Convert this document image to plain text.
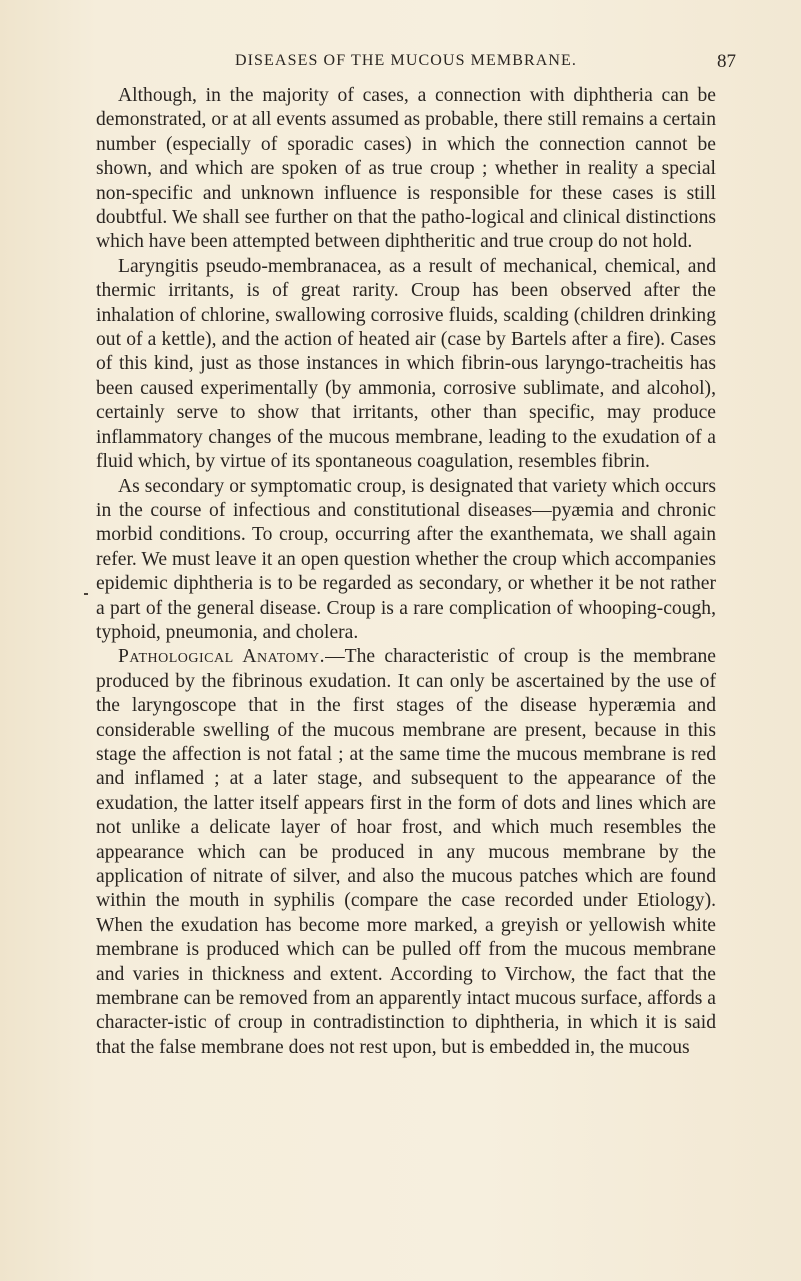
DISEASES OF THE MUCOUS MEMBRANE.	87

Although, in the majority of cases, a connection with diphtheria can be demonstrated, or at all events assumed as probable, there still remains a certain number (especially of sporadic cases) in which the connection cannot be shown, and which are spoken of as true croup ; whether in reality a special non-specific and unknown influence is responsible for these cases is still doubtful. We shall see further on that the patho-logical and clinical distinctions which have been attempted between diphtheritic and true croup do not hold.

Laryngitis pseudo-membranacea, as a result of mechanical, chemical, and thermic irritants, is of great rarity. Croup has been observed after the inhalation of chlorine, swallowing corrosive fluids, scalding (children drinking out of a kettle), and the action of heated air (case by Bartels after a fire). Cases of this kind, just as those instances in which fibrin-ous laryngo-tracheitis has been caused experimentally (by ammonia, corrosive sublimate, and alcohol), certainly serve to show that irritants, other than specific, may produce inflammatory changes of the mucous membrane, leading to the exudation of a fluid which, by virtue of its spontaneous coagulation, resembles fibrin.

As secondary or symptomatic croup, is designated that variety which occurs in the course of infectious and constitutional diseases—pyæmia and chronic morbid conditions. To croup, occurring after the exanthemata, we shall again refer. We must leave it an open question whether the croup which accompanies epidemic diphtheria is to be regarded as secondary, or whether it be not rather a part of the general disease. Croup is a rare complication of whooping-cough, typhoid, pneumonia, and cholera.

Pathological Anatomy.—The characteristic of croup is the membrane produced by the fibrinous exudation. It can only be ascertained by the use of the laryngoscope that in the first stages of the disease hyperæmia and considerable swelling of the mucous membrane are present, because in this stage the affection is not fatal ; at the same time the mucous membrane is red and inflamed ; at a later stage, and subsequent to the appearance of the exudation, the latter itself appears first in the form of dots and lines which are not unlike a delicate layer of hoar frost, and which much resembles the appearance which can be produced in any mucous membrane by the application of nitrate of silver, and also the mucous patches which are found within the mouth in syphilis (compare the case recorded under Etiology). When the exudation has become more marked, a greyish or yellowish white membrane is produced which can be pulled off from the mucous membrane and varies in thickness and extent. According to Virchow, the fact that the membrane can be removed from an apparently intact mucous surface, affords a character-istic of croup in contradistinction to diphtheria, in which it is said that the false membrane does not rest upon, but is embedded in, the mucous
